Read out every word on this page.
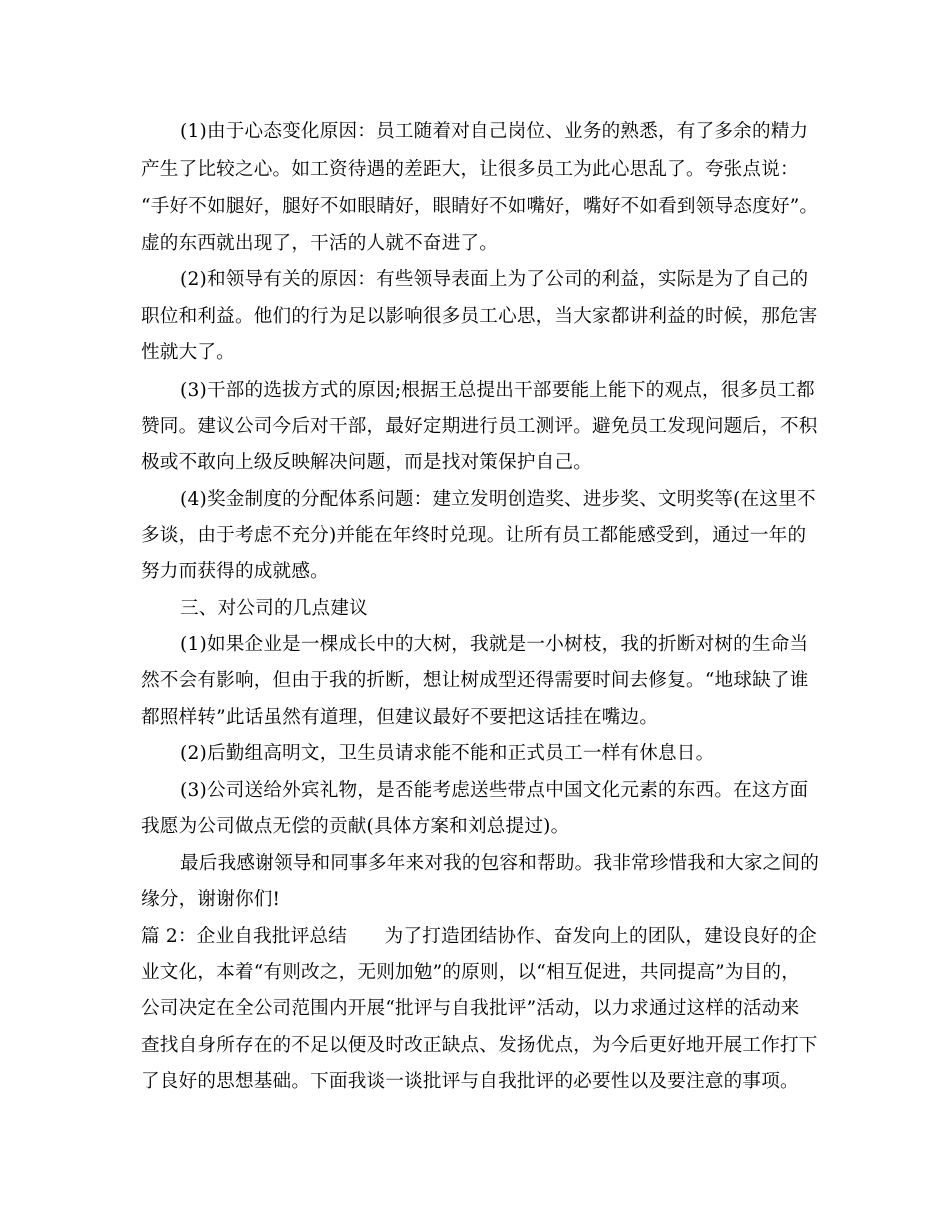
(1)由于心态变化原因：员工随着对自己岗位、业务的熟悉，有了多余的精力
产生了比较之心。如工资待遇的差距大，让很多员工为此心思乱了。夸张点说：
“手好不如腿好，腿好不如眼睛好，眼睛好不如嘴好，嘴好不如看到领导态度好”。
虚的东西就出现了，干活的人就不奋进了。
(2)和领导有关的原因：有些领导表面上为了公司的利益，实际是为了自己的
职位和利益。他们的行为足以影响很多员工心思，当大家都讲利益的时候，那危害
性就大了。
(3)干部的选拔方式的原因;根据王总提出干部要能上能下的观点，很多员工都
赞同。建议公司今后对干部，最好定期进行员工测评。避免员工发现问题后，不积
极或不敢向上级反映解决问题，而是找对策保护自己。
(4)奖金制度的分配体系问题：建立发明创造奖、进步奖、文明奖等(在这里不
多谈，由于考虑不充分)并能在年终时兑现。让所有员工都能感受到，通过一年的
努力而获得的成就感。
三、对公司的几点建议
(1)如果企业是一棵成长中的大树，我就是一小树枝，我的折断对树的生命当
然不会有影响，但由于我的折断，想让树成型还得需要时间去修复。“地球缺了谁
都照样转”此话虽然有道理，但建议最好不要把这话挂在嘴边。
(2)后勤组高明文，卫生员请求能不能和正式员工一样有休息日。
(3)公司送给外宾礼物，是否能考虑送些带点中国文化元素的东西。在这方面
我愿为公司做点无偿的贡献(具体方案和刘总提过)。
最后我感谢领导和同事多年来对我的包容和帮助。我非常珍惜我和大家之间的
缘分，谢谢你们!
篇 2：企业自我批评总结　　为了打造团结协作、奋发向上的团队，建设良好的企
业文化，本着“有则改之，无则加勉”的原则，以“相互促进，共同提高”为目的，
公司决定在全公司范围内开展“批评与自我批评”活动，以力求通过这样的活动来
查找自身所存在的不足以便及时改正缺点、发扬优点，为今后更好地开展工作打下
了良好的思想基础。下面我谈一谈批评与自我批评的必要性以及要注意的事项。
